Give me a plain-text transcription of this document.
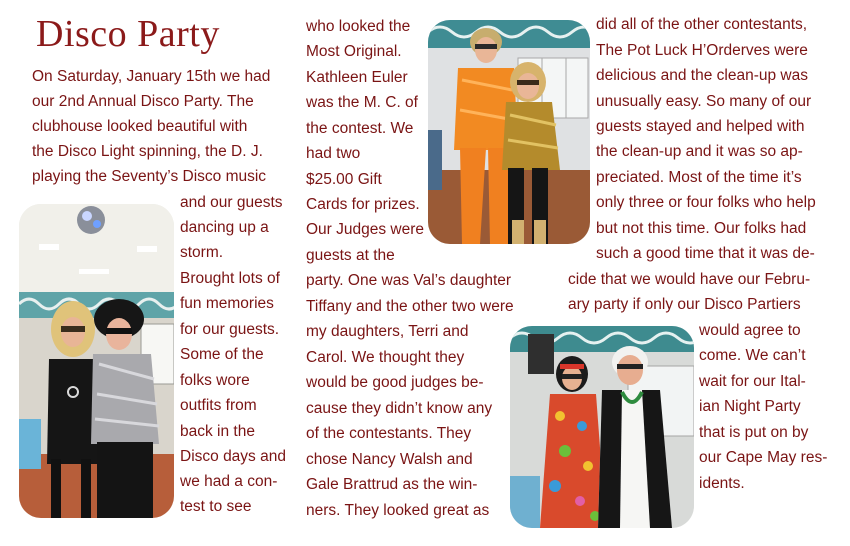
Disco Party

On Saturday, January 15th we had

our 2nd Annual Disco Party. The

clubhouse looked beautiful with

the Disco Light spinning, the D. J.

playing the Seventy’s Disco music

and our guests

dancing up a

storm.

Brought lots of

fun memories

for our guests.

Some of the

folks wore

outfits from

back in the

Disco days and

we had a con-

test to see

who looked the

Most Original.

Kathleen Euler

was the M. C. of

the contest. We

had two

$25.00 Gift

Cards for prizes.

Our Judges were

guests at the

party. One was Val’s daughter

Tiffany and the other two were

my daughters, Terri and

Carol. We thought they

would be good judges be-

cause they didn’t know any

of the contestants. They

chose Nancy Walsh and

Gale Brattrud as the win-

ners. They looked great as

did all of the other contestants,

The Pot Luck H’Orderves were

delicious and the clean-up was

unusually easy. So many of our

guests stayed and helped with

the clean-up and it was so ap-

preciated. Most of the time it’s

only three or four folks who help

but not this time. Our folks had

such a good time that it was de-

cide that we would have our Febru-

ary party if only our Disco Partiers

would agree to

come. We can’t

wait for our Ital-

ian Night Party

that is put on by

our Cape May res-

idents.
